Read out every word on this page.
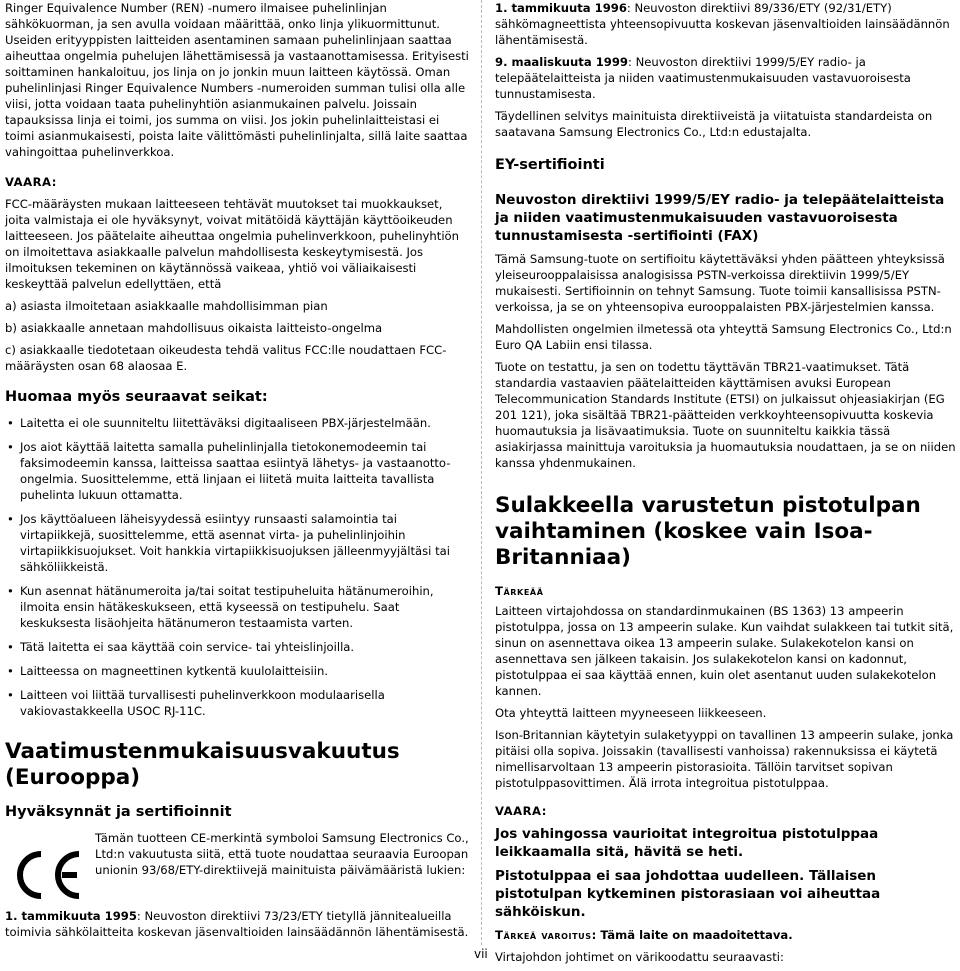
Ringer Equivalence Number (REN) -numero ilmaisee puhelinlinjan sähkökuorman, ja sen avulla voidaan määrittää, onko linja ylikuormittunut. Useiden erityyppisten laitteiden asentaminen samaan puhelinlinjaan saattaa aiheuttaa ongelmia puhelujen lähettämisessä ja vastaanottamisessa. Erityisesti soittaminen hankaloituu, jos linja on jo jonkin muun laitteen käytössä. Oman puhelinlinjasi Ringer Equivalence Numbers -numeroiden summan tulisi olla alle viisi, jotta voidaan taata puhelinyhtiön asianmukainen palvelu. Joissain tapauksissa linja ei toimi, jos summa on viisi. Jos jokin puhelinlaitteistasi ei toimi asianmukaisesti, poista laite välittömästi puhelinlinjalta, sillä laite saattaa vahingoittaa puhelinverkkoa.

VAARA:

FCC-määräysten mukaan laitteeseen tehtävät muutokset tai muokkaukset, joita valmistaja ei ole hyväksynyt, voivat mitätöidä käyttäjän käyttöoikeuden laitteeseen. Jos päätelaite aiheuttaa ongelmia puhelinverkkoon, puhelinyhtiön on ilmoitettava asiakkaalle palvelun mahdollisesta keskeytymisestä. Jos ilmoituksen tekeminen on käytännössä vaikeaa, yhtiö voi väliaikaisesti keskeyttää palvelun edellyttäen, että

a) asiasta ilmoitetaan asiakkaalle mahdollisimman pian

b) asiakkaalle annetaan mahdollisuus oikaista laitteisto-ongelma

c) asiakkaalle tiedotetaan oikeudesta tehdä valitus FCC:lle noudattaen FCC-määräysten osan 68 alaosaa E.

Huomaa myös seuraavat seikat:
• Laitetta ei ole suunniteltu liitettäväksi digitaaliseen PBX-järjestelmään.
• Jos aiot käyttää laitetta samalla puhelinlinjalla tietokonemodeemin tai faksimodeemin kanssa, laitteissa saattaa esiintyä lähetys- ja vastaanotto-ongelmia. Suosittelemme, että linjaan ei liitetä muita laitteita tavallista puhelinta lukuun ottamatta.
• Jos käyttöalueen läheisyydessä esiintyy runsaasti salamointia tai virtapiikkejä, suosittelemme, että asennat virta- ja puhelinlinjoihin virtapiikkisuojukset. Voit hankkia virtapiikkisuojuksen jälleenmyyjältäsi tai sähköliikkeistä.
• Kun asennat hätänumeroita ja/tai soitat testipuheluita hätänumeroihin, ilmoita ensin hätäkeskukseen, että kyseessä on testipuhelu. Saat keskuksesta lisäohjeita hätänumeron testaamista varten.
• Tätä laitetta ei saa käyttää coin service- tai yhteislinjoilla.
• Laitteessa on magneettinen kytkentä kuulolaitteisiin.
• Laitteen voi liittää turvallisesti puhelinverkkoon modulaarisella vakiovastakkeella USOC RJ-11C.
Vaatimustenmukaisuusvakuutus (Eurooppa)
Hyväksynnät ja sertifioinnit
Tämän tuotteen CE-merkintä symboloi Samsung Electronics Co., Ltd:n vakuutusta siitä, että tuote noudattaa seuraavia Euroopan unionin 93/68/ETY-direktiivejä mainituista päivämääristä lukien:

1. tammikuuta 1995: Neuvoston direktiivi 73/23/ETY tietyllä jännitealueilla toimivia sähkölaitteita koskevan jäsenvaltioiden lainsäädännön lähentämisestä.

1. tammikuuta 1996: Neuvoston direktiivi 89/336/ETY (92/31/ETY) sähkömagneettista yhteensopivuutta koskevan jäsenvaltioiden lainsäädännön lähentämisestä.

9. maaliskuuta 1999: Neuvoston direktiivi 1999/5/EY radio- ja telepäätelaitteista ja niiden vaatimustenmukaisuuden vastavuoroisesta tunnustamisesta.

Täydellinen selvitys mainituista direktiiveistä ja viitatuista standardeista on saatavana Samsung Electronics Co., Ltd:n edustajalta.

EY-sertifiointi
Neuvoston direktiivi 1999/5/EY radio- ja telepäätelaitteista ja niiden vaatimustenmukaisuuden vastavuoroisesta tunnustamisesta -sertifiointi (FAX)

Tämä Samsung-tuote on sertifioitu käytettäväksi yhden päätteen yhteyksissä yleiseurooppalaisissa analogisissa PSTN-verkoissa direktiivin 1999/5/EY mukaisesti. Sertifioinnin on tehnyt Samsung. Tuote toimii kansallisissa PSTN-verkoissa, ja se on yhteensopiva eurooppalaisten PBX-järjestelmien kanssa.

Mahdollisten ongelmien ilmetessä ota yhteyttä Samsung Electronics Co., Ltd:n Euro QA Labiin ensi tilassa.

Tuote on testattu, ja sen on todettu täyttävän TBR21-vaatimukset. Tätä standardia vastaavien päätelaitteiden käyttämisen avuksi European Telecommunication Standards Institute (ETSI) on julkaissut ohjeasiakirjan (EG 201 121), joka sisältää TBR21-päätteiden verkkoyhteensopivuutta koskevia huomautuksia ja lisävaatimuksia. Tuote on suunniteltu kaikkia tässä asiakirjassa mainittuja varoituksia ja huomautuksia noudattaen, ja se on niiden kanssa yhdenmukainen.

Sulakkeella varustetun pistotulpan vaihtaminen (koskee vain Isoa-Britanniaa)
Tärkeää

Laitteen virtajohdossa on standardinmukainen (BS 1363) 13 ampeerin pistotulppa, jossa on 13 ampeerin sulake. Kun vaihdat sulakkeen tai tutkit sitä, sinun on asennettava oikea 13 ampeerin sulake. Sulakekotelon kansi on asennettava sen jälkeen takaisin. Jos sulakekotelon kansi on kadonnut, pistotulppaa ei saa käyttää ennen, kuin olet asentanut uuden sulakekotelon kannen.

Ota yhteyttä laitteen myyneeseen liikkeeseen.

Ison-Britannian käytetyin sulaketyyppi on tavallinen 13 ampeerin sulake, jonka pitäisi olla sopiva. Joissakin (tavallisesti vanhoissa) rakennuksissa ei käytetä nimellisarvoltaan 13 ampeerin pistorasioita. Tällöin tarvitset sopivan pistotulppasovittimen. Älä irrota integroitua pistotulppaa.

VAARA:
Jos vahingossa vaurioitat integroitua pistotulppaa leikkaamalla sitä, hävitä se heti.
Pistotulppaa ei saa johdottaa uudelleen. Tällaisen pistotulpan kytkeminen pistorasiaan voi aiheuttaa sähköiskun.

Tärkeä varoitus: Tämä laite on maadoitettava.

Virtajohdon johtimet on värikoodattu seuraavasti:

vii
